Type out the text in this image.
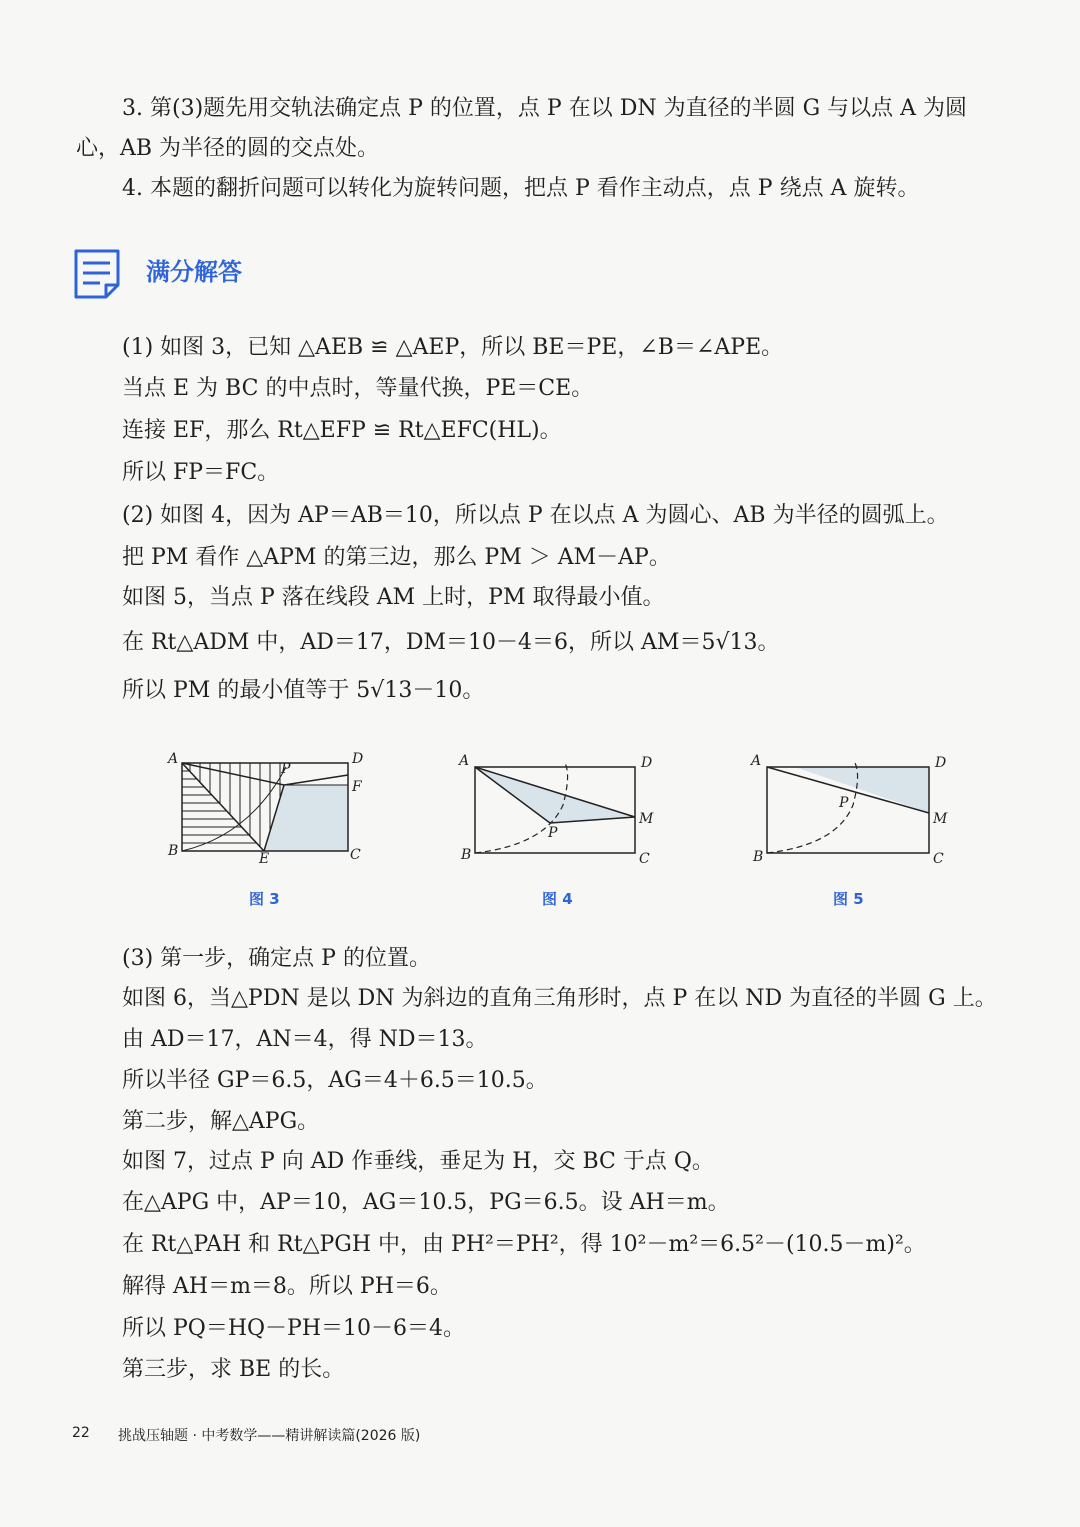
3. 第(3)题先用交轨法确定点 P 的位置，点 P 在以 DN 为直径的半圆 G 与以点 A 为圆
心，AB 为半径的圆的交点处。
4. 本题的翻折问题可以转化为旋转问题，把点 P 看作主动点，点 P 绕点 A 旋转。
满分解答
(1) 如图 3，已知 △AEB ≌ △AEP，所以 BE＝PE，∠B＝∠APE。
当点 E 为 BC 的中点时，等量代换，PE＝CE。
连接 EF，那么 Rt△EFP ≌ Rt△EFC(HL)。
所以 FP＝FC。
(2) 如图 4，因为 AP＝AB＝10，所以点 P 在以点 A 为圆心、AB 为半径的圆弧上。
把 PM 看作 △APM 的第三边，那么 PM ＞ AM－AP。
如图 5，当点 P 落在线段 AM 上时，PM 取得最小值。
在 Rt△ADM 中，AD＝17，DM＝10－4＝6，所以 AM＝5√13。
所以 PM 的最小值等于 5√13－10。
A	D
F
P
B	E	C
图 3
A	D
M
P
B	C
图 4
A	D
P
M
B	C
图 5
(3) 第一步，确定点 P 的位置。
如图 6，当△PDN 是以 DN 为斜边的直角三角形时，点 P 在以 ND 为直径的半圆 G 上。
由 AD＝17，AN＝4，得 ND＝13。
所以半径 GP＝6.5，AG＝4＋6.5＝10.5。
第二步，解△APG。
如图 7，过点 P 向 AD 作垂线，垂足为 H，交 BC 于点 Q。
在△APG 中，AP＝10，AG＝10.5，PG＝6.5。设 AH＝m。
在 Rt△PAH 和 Rt△PGH 中，由 PH²＝PH²，得 10²－m²＝6.5²－(10.5－m)²。
解得 AH＝m＝8。所以 PH＝6。
所以 PQ＝HQ－PH＝10－6＝4。
第三步，求 BE 的长。
22 挑战压轴题 · 中考数学——精讲解读篇(2026 版)
